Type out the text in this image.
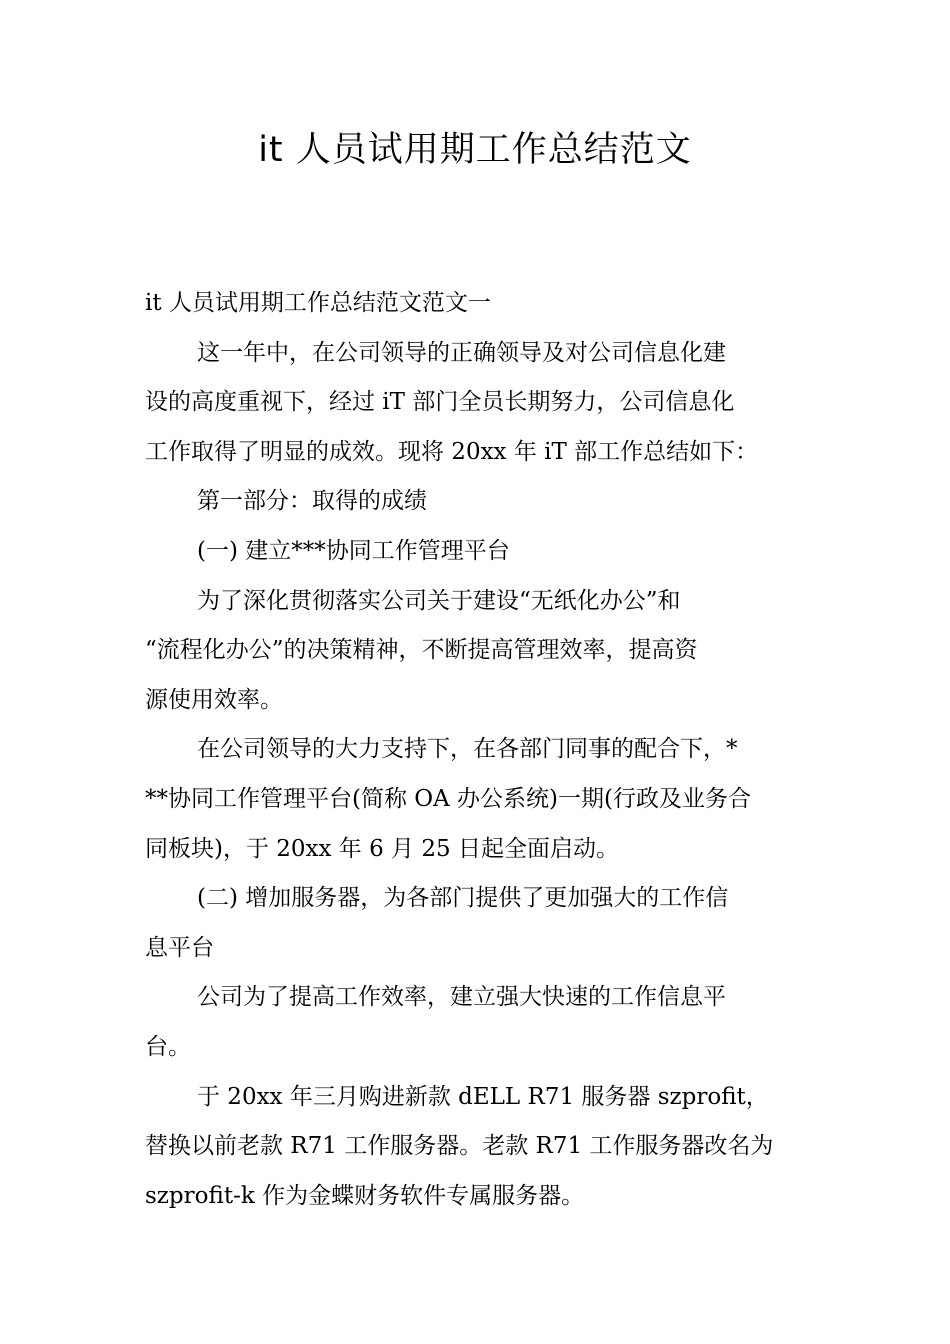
it 人员试用期工作总结范文
it 人员试用期工作总结范文范文一
这一年中，在公司领导的正确领导及对公司信息化建
设的高度重视下，经过 iT 部门全员长期努力，公司信息化
工作取得了明显的成效。现将 20xx 年 iT 部工作总结如下：
第一部分：取得的成绩
(一) 建立***协同工作管理平台
为了深化贯彻落实公司关于建设“无纸化办公”和
“流程化办公”的决策精神，不断提高管理效率，提高资
源使用效率。
在公司领导的大力支持下，在各部门同事的配合下，*
**协同工作管理平台(简称 OA 办公系统)一期(行政及业务合
同板块)，于 20xx 年 6 月 25 日起全面启动。
(二) 增加服务器，为各部门提供了更加强大的工作信
息平台
公司为了提高工作效率，建立强大快速的工作信息平
台。
于 20xx 年三月购进新款 dELL R71 服务器 szprofit，
替换以前老款 R71 工作服务器。老款 R71 工作服务器改名为
szprofit-k 作为金蝶财务软件专属服务器。
